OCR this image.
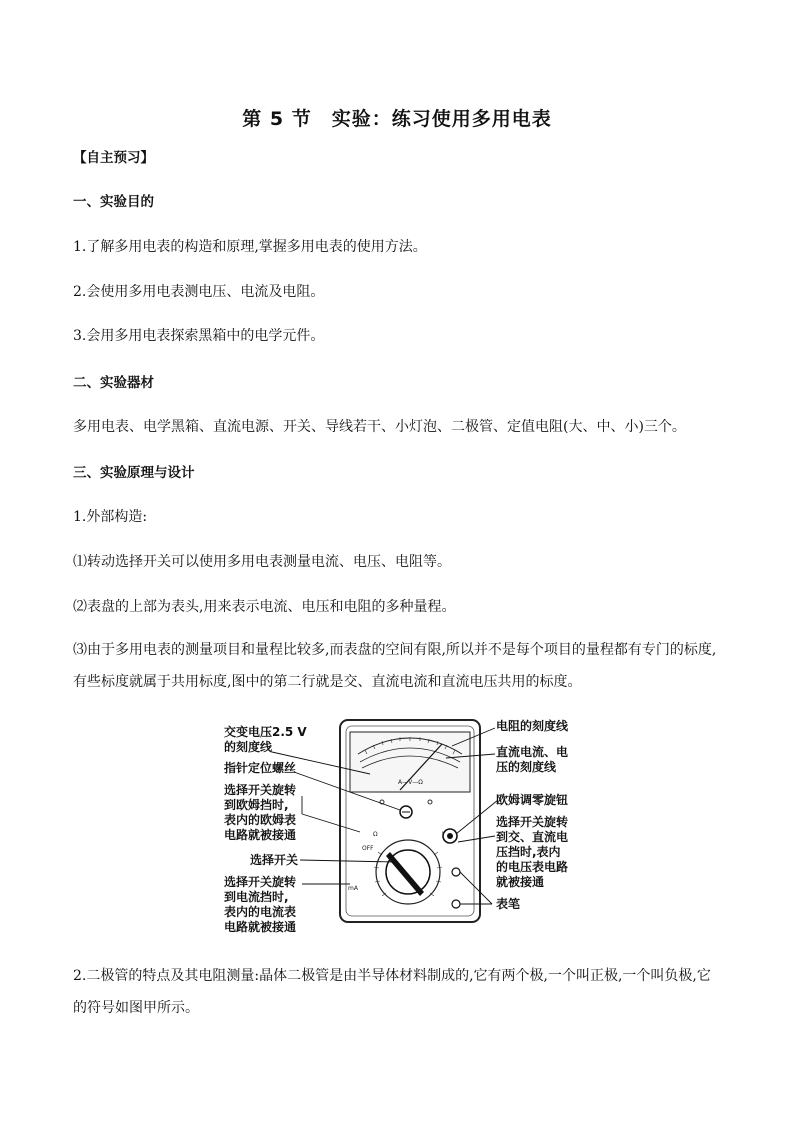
第 5 节　实验：练习使用多用电表
【自主预习】
一、实验目的
1.了解多用电表的构造和原理,掌握多用电表的使用方法。
2.会使用多用电表测电压、电流及电阻。
3.会用多用电表探索黑箱中的电学元件。
二、实验器材
多用电表、电学黑箱、直流电源、开关、导线若干、小灯泡、二极管、定值电阻(大、中、小)三个。
三、实验原理与设计
1.外部构造:
⑴转动选择开关可以使用多用电表测量电流、电压、电阻等。
⑵表盘的上部为表头,用来表示电流、电压和电阻的多种量程。
⑶由于多用电表的测量项目和量程比较多,而表盘的空间有限,所以并不是每个项目的量程都有专门的标度,有些标度就属于共用标度,图中的第二行就是交、直流电流和直流电压共用的标度。
A—V—Ω
Ω
mA
OFF
交变电压2.5 V
的刻度线
指针定位螺丝
选择开关旋转
到欧姆挡时,
表内的欧姆表
电路就被接通
选择开关
选择开关旋转
到电流挡时,
表内的电流表
电路就被接通
电阻的刻度线
直流电流、电
压的刻度线
欧姆调零旋钮
选择开关旋转
到交、直流电
压挡时,表内
的电压表电路
就被接通
表笔
2.二极管的特点及其电阻测量:晶体二极管是由半导体材料制成的,它有两个极,一个叫正极,一个叫负极,它的符号如图甲所示。
